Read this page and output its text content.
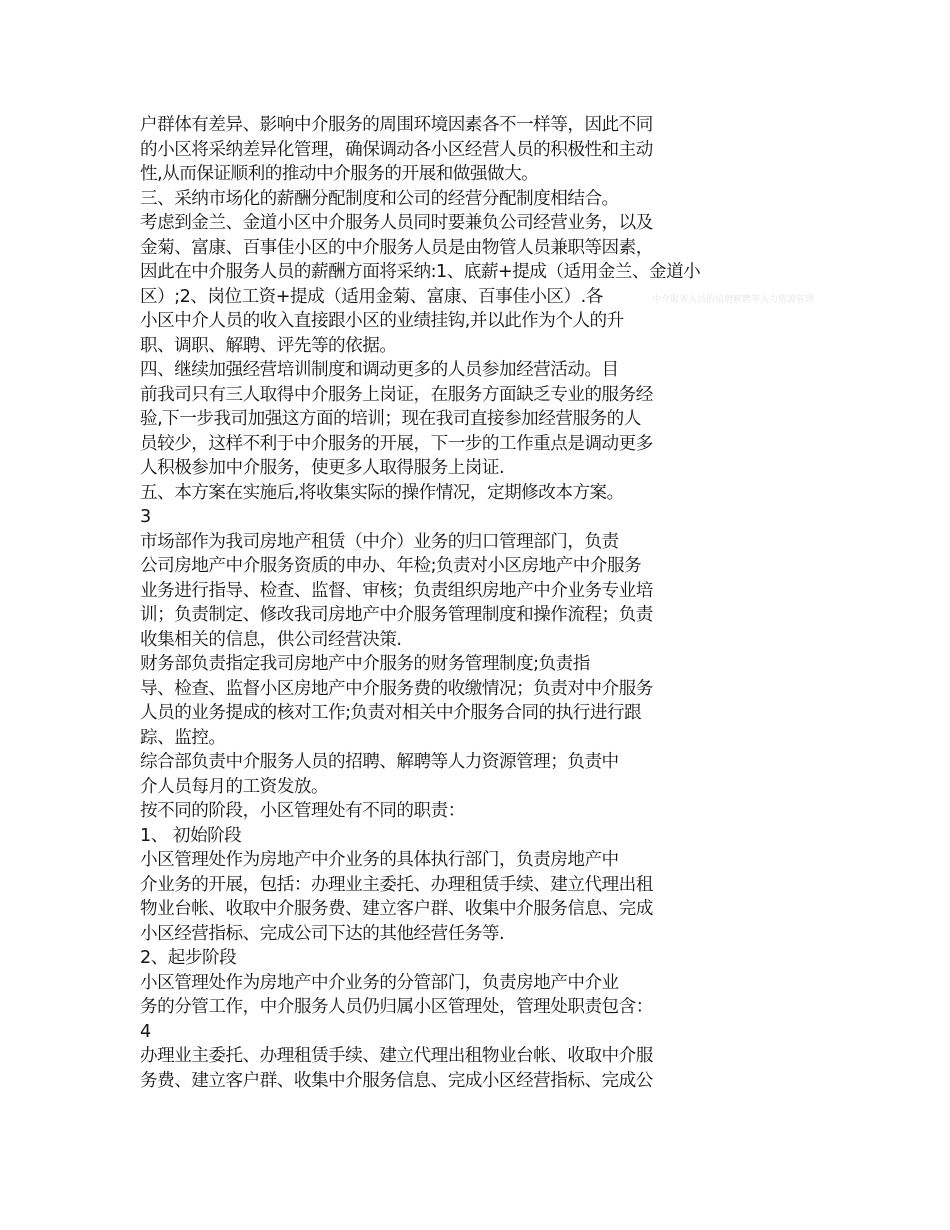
中介服务人员的招聘解聘等人力资源管理
户群体有差异、影响中介服务的周围环境因素各不一样等，因此不同
的小区将采纳差异化管理，确保调动各小区经营人员的积极性和主动
性,从而保证顺利的推动中介服务的开展和做强做大。
三、采纳市场化的薪酬分配制度和公司的经营分配制度相结合。
考虑到金兰、金道小区中介服务人员同时要兼负公司经营业务，以及
金菊、富康、百事佳小区的中介服务人员是由物管人员兼职等因素，
因此在中介服务人员的薪酬方面将采纳:1、底薪+提成（适用金兰、金道小
区）;2、岗位工资+提成（适用金菊、富康、百事佳小区）.各
小区中介人员的收入直接跟小区的业绩挂钩,并以此作为个人的升
职、调职、解聘、评先等的依据。
四、继续加强经营培训制度和调动更多的人员参加经营活动。目
前我司只有三人取得中介服务上岗证，在服务方面缺乏专业的服务经
验,下一步我司加强这方面的培训；现在我司直接参加经营服务的人
员较少，这样不利于中介服务的开展，下一步的工作重点是调动更多
人积极参加中介服务，使更多人取得服务上岗证.
五、本方案在实施后,将收集实际的操作情况，定期修改本方案。
3
市场部作为我司房地产租赁（中介）业务的归口管理部门，负责
公司房地产中介服务资质的申办、年检;负责对小区房地产中介服务
业务进行指导、检查、监督、审核；负责组织房地产中介业务专业培
训；负责制定、修改我司房地产中介服务管理制度和操作流程；负责
收集相关的信息，供公司经营决策.
财务部负责指定我司房地产中介服务的财务管理制度;负责指
导、检查、监督小区房地产中介服务费的收缴情况；负责对中介服务
人员的业务提成的核对工作;负责对相关中介服务合同的执行进行跟
踪、监控。
综合部负责中介服务人员的招聘、解聘等人力资源管理；负责中
介人员每月的工资发放。
按不同的阶段，小区管理处有不同的职责：
1、 初始阶段
小区管理处作为房地产中介业务的具体执行部门，负责房地产中
介业务的开展，包括：办理业主委托、办理租赁手续、建立代理出租
物业台帐、收取中介服务费、建立客户群、收集中介服务信息、完成
小区经营指标、完成公司下达的其他经营任务等.
2、起步阶段
小区管理处作为房地产中介业务的分管部门，负责房地产中介业
务的分管工作，中介服务人员仍归属小区管理处，管理处职责包含：
4
办理业主委托、办理租赁手续、建立代理出租物业台帐、收取中介服
务费、建立客户群、收集中介服务信息、完成小区经营指标、完成公
